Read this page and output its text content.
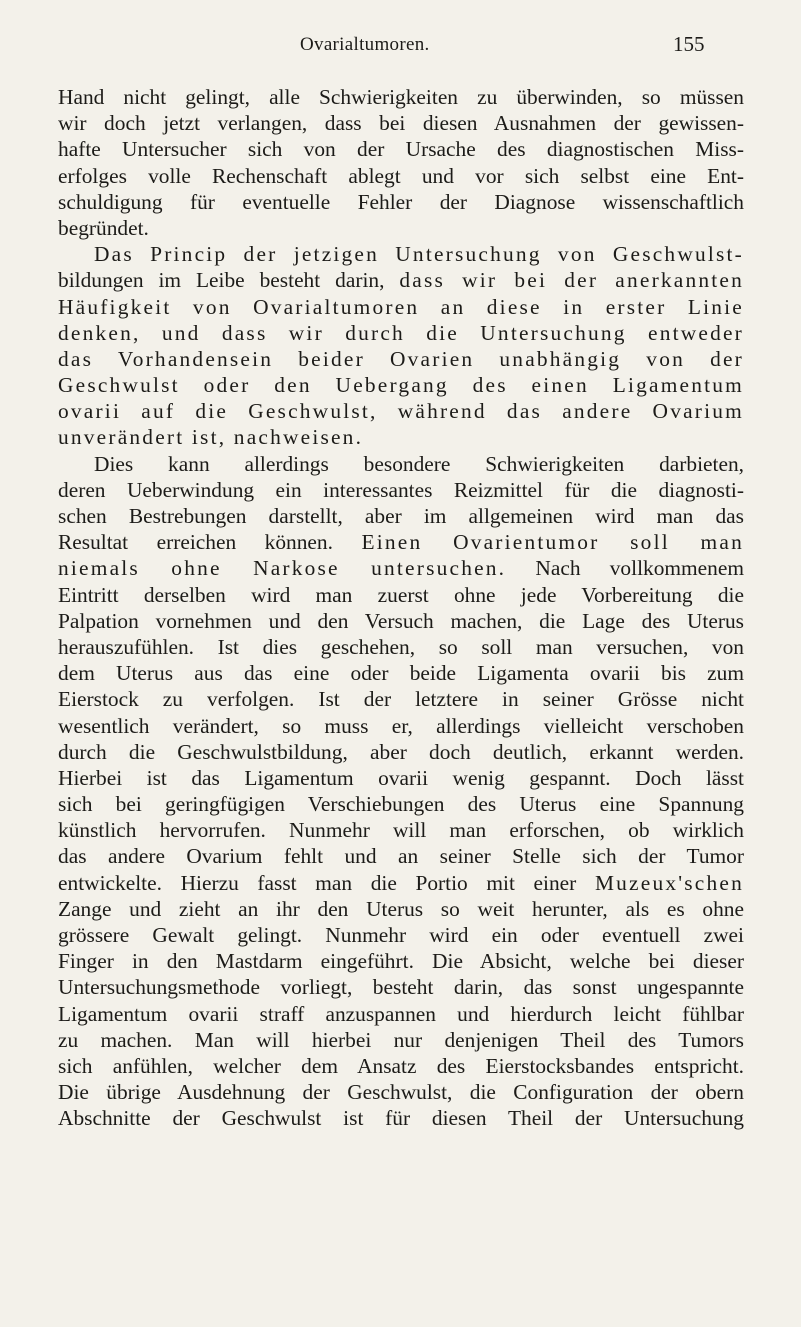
Ovarialtumoren.	155
Hand nicht gelingt, alle Schwierigkeiten zu überwinden, so müssen
wir doch jetzt verlangen, dass bei diesen Ausnahmen der gewissen-
hafte Untersucher sich von der Ursache des diagnostischen Miss-
erfolges volle Rechenschaft ablegt und vor sich selbst eine Ent-
schuldigung für eventuelle Fehler der Diagnose wissenschaftlich
begründet.
Das Princip der jetzigen Untersuchung von Geschwulst-
bildungen im Leibe besteht darin, dass wir bei der anerkannten
Häufigkeit von Ovarialtumoren an diese in erster Linie
denken, und dass wir durch die Untersuchung entweder
das Vorhandensein beider Ovarien unabhängig von der
Geschwulst oder den Uebergang des einen Ligamentum
ovarii auf die Geschwulst, während das andere Ovarium
unverändert ist, nachweisen.
Dies kann allerdings besondere Schwierigkeiten darbieten,
deren Ueberwindung ein interessantes Reizmittel für die diagnosti-
schen Bestrebungen darstellt, aber im allgemeinen wird man das
Resultat erreichen können. Einen Ovarientumor soll man
niemals ohne Narkose untersuchen. Nach vollkommenem
Eintritt derselben wird man zuerst ohne jede Vorbereitung die
Palpation vornehmen und den Versuch machen, die Lage des Uterus
herauszufühlen. Ist dies geschehen, so soll man versuchen, von
dem Uterus aus das eine oder beide Ligamenta ovarii bis zum
Eierstock zu verfolgen. Ist der letztere in seiner Grösse nicht
wesentlich verändert, so muss er, allerdings vielleicht verschoben
durch die Geschwulstbildung, aber doch deutlich, erkannt werden.
Hierbei ist das Ligamentum ovarii wenig gespannt. Doch lässt
sich bei geringfügigen Verschiebungen des Uterus eine Spannung
künstlich hervorrufen. Nunmehr will man erforschen, ob wirklich
das andere Ovarium fehlt und an seiner Stelle sich der Tumor
entwickelte. Hierzu fasst man die Portio mit einer Muzeux'schen
Zange und zieht an ihr den Uterus so weit herunter, als es ohne
grössere Gewalt gelingt. Nunmehr wird ein oder eventuell zwei
Finger in den Mastdarm eingeführt. Die Absicht, welche bei dieser
Untersuchungsmethode vorliegt, besteht darin, das sonst ungespannte
Ligamentum ovarii straff anzuspannen und hierdurch leicht fühlbar
zu machen. Man will hierbei nur denjenigen Theil des Tumors
sich anfühlen, welcher dem Ansatz des Eierstocksbandes entspricht.
Die übrige Ausdehnung der Geschwulst, die Configuration der obern
Abschnitte der Geschwulst ist für diesen Theil der Untersuchung
